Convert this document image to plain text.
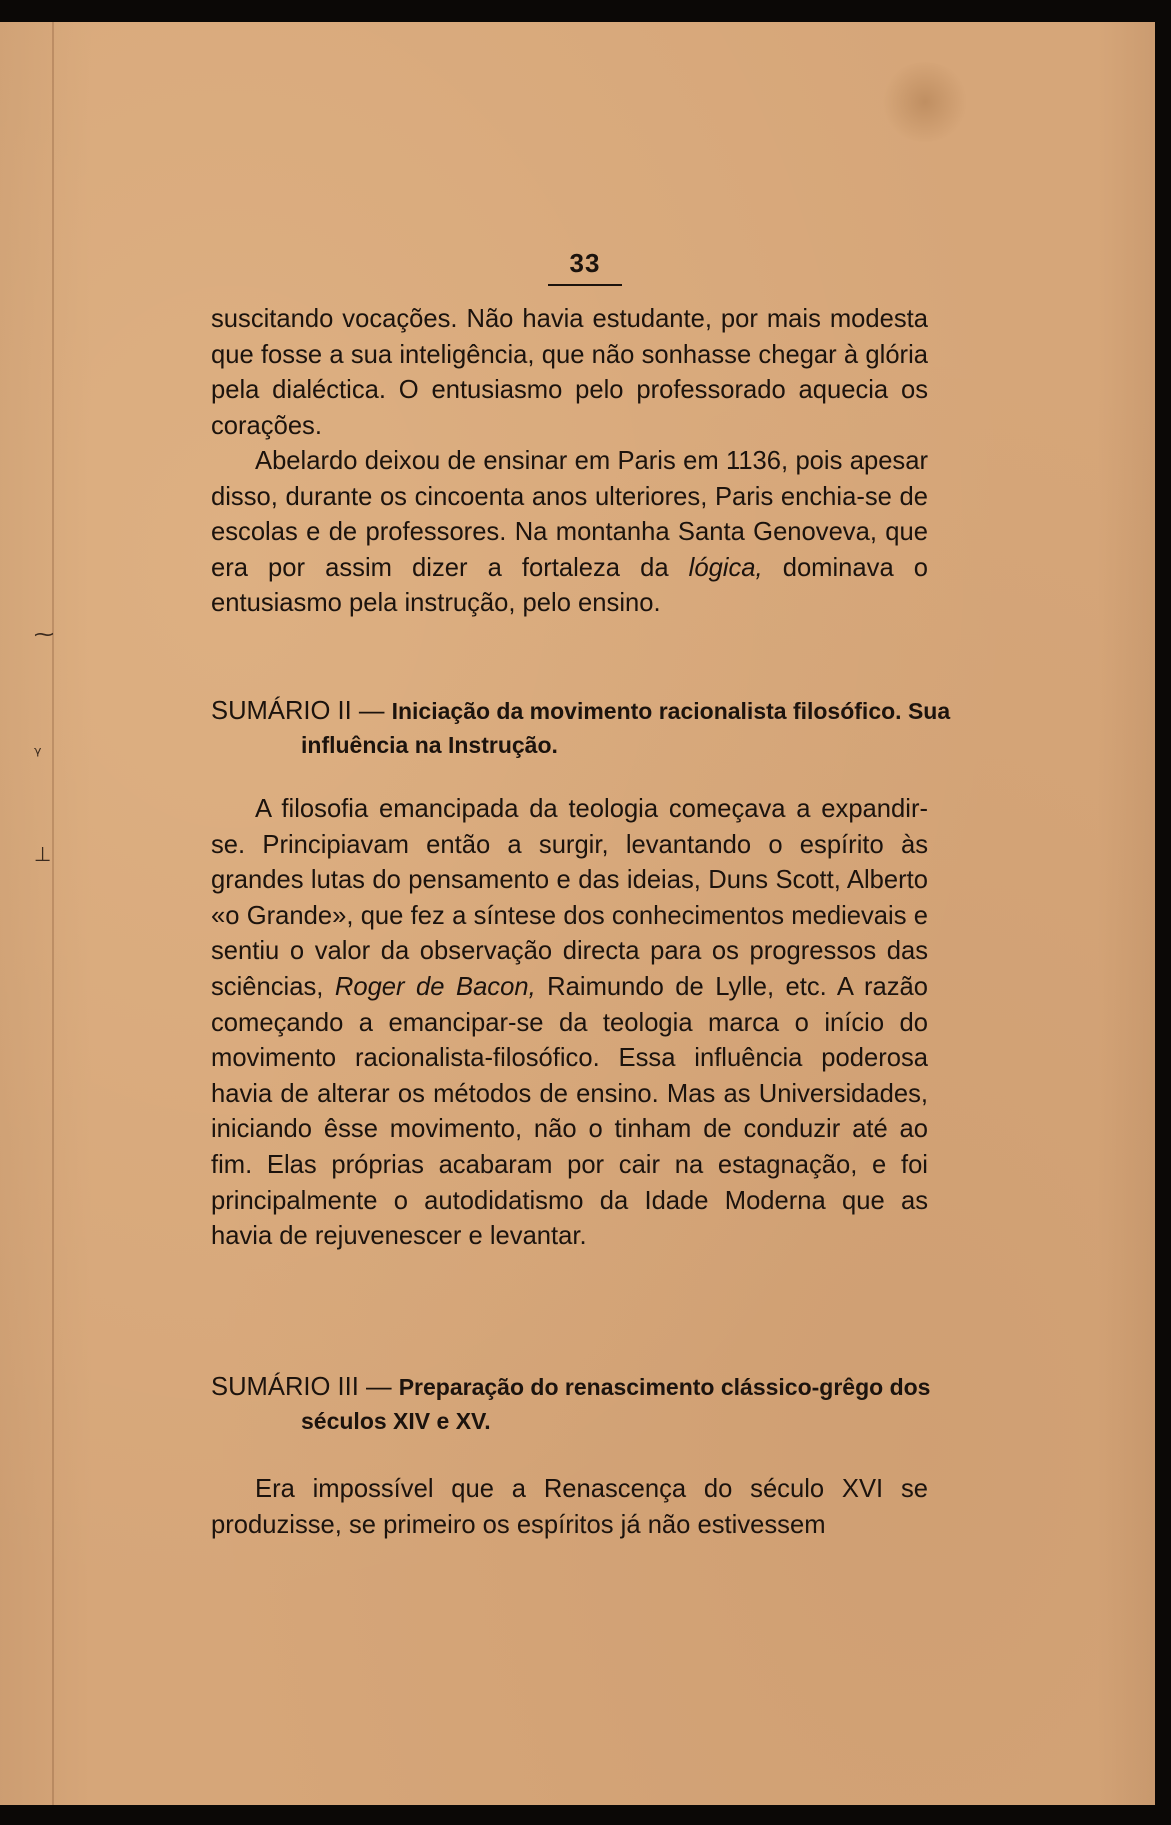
⁓
ᵞ
⊥
33

suscitando vocações. Não havia estudante, por mais modesta que fosse a sua inteligência, que não sonhasse chegar à glória pela dialéctica. O entusiasmo pelo professorado aquecia os corações.

Abelardo deixou de ensinar em Paris em 1136, pois apesar disso, durante os cincoenta anos ulteriores, Paris enchia-se de escolas e de professores. Na montanha Santa Genoveva, que era por assim dizer a fortaleza da lógica, dominava o entusiasmo pela instrução, pelo ensino.

SUMÁRIO II — Iniciação da movimento racionalista filosófico. Sua influência na Instrução.

A filosofia emancipada da teologia começava a expandir-se. Principiavam então a surgir, levantando o espírito às grandes lutas do pensamento e das ideias, Duns Scott, Alberto «o Grande», que fez a síntese dos conhecimentos medievais e sentiu o valor da observação directa para os progressos das sciências, Roger de Bacon, Raimundo de Lylle, etc. A razão começando a emancipar-se da teologia marca o início do movimento racionalista-filosófico. Essa influência poderosa havia de alterar os métodos de ensino. Mas as Universidades, iniciando êsse movimento, não o tinham de conduzir até ao fim. Elas próprias acabaram por cair na estagnação, e foi principalmente o autodidatismo da Idade Moderna que as havia de rejuvenescer e levantar.

SUMÁRIO III — Preparação do renascimento clássico-grêgo dos séculos XIV e XV.

Era impossível que a Renascença do século XVI se produzisse, se primeiro os espíritos já não estivessem
